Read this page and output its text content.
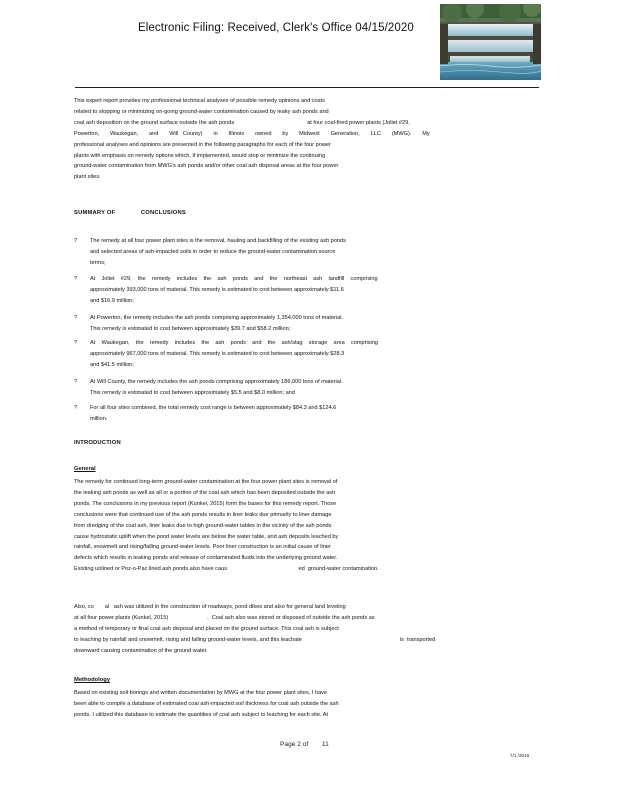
Electronic Filing: Received, Clerk's Office 04/15/2020

This expert report provides my professional technical analyses of possible remedy opinions and costs

related to stopping or minimizing on-going ground-water contamination caused by leaky ash ponds and

coal ash deposition on the ground surface outside the ash ponds                                               at four coal-fired power plants (Joliet #29,

Powerton,       Waukegan,       and       Will   County)       in       Illinois       owned       by       Midwest       Generation,       LLC       (MWG).       My

professional analyses and opinions are presented in the following paragraphs for each of the four power

plants with emphasis on remedy options which, if implemented, would stop or minimize the continuing

ground-water contamination from MWG's ash ponds and/or other coal ash disposal areas at the four power

plant sites.

SUMMARY OF	CONCLUSIONS
? The remedy at all four power plant sites is the removal, hauling and backfilling of the existing ash ponds

and selected areas of ash-impacted soils in order to reduce the ground-water contamination source

terms;

? At    Joliet    #29,    the    remedy    includes    the    ash    ponds    and    the    northeast    ash    landfill    comprising

approximately 393,000 tons of material. This remedy is estimated to cost between approximately $11.6

and $16.9 million;

? At Powerton, the remedy includes the ash ponds comprising approximately 1,354,000 tons of material.

This remedy is estimated to cost between approximately $39.7 and $58.2 million;

? At    Waukegan,    the    remedy    includes    the    ash    ponds    and    the    ash/slag    storage    area    comprising

approximately 967,000 tons of material. This remedy is estimated to cost between approximately $28.3

and $41.5 million;

? At Will County, the remedy includes the ash ponds comprising approximately 186,000 tons of material.

This remedy is estimated to cost between approximately $5.5 and $8.0 million; and

? For all four sites combined, the total remedy cost range is between approximately $84.3 and $124.6

million.

INTRODUCTION
General

The remedy for continued long-term ground-water contamination at the four power plant sites is removal of

the leaking ash ponds as well as all or a portion of the coal ash which has been deposited outside the ash

ponds. The conclusions in my previous report (Kunkel, 2015) form the bases for this remedy report. Those

conclusions were that continued use of the ash ponds results in liner leaks due primarily to liner damage

from dredging of the coal ash, liner leaks due to high ground-water tables in the vicinity of the ash ponds

cause hydrostatic uplift when the pond water levels are below the water table, and ash deposits leached by

rainfall, snowmelt and rising/falling ground-water levels. Poor liner construction is an initial cause of liner

defects which results in leaking ponds and release of contaminated fluids into the underlying ground water.

Existing unlined or Poz-o-Pac lined ash ponds also have caus                                              ed  ground-water contamination.

Also, co       al   ash was utilized in the construction of roadways, pond dikes and also for general land leveling

at all four power plants (Kunkel, 2015)                         .  Coal ash also was stored or disposed of outside the ash ponds as

a method of temporary or final coal ash disposal and placed on the ground surface. This coal ash is subject

to leaching by rainfall and snowmelt, rising and falling ground-water levels, and this leachate                                                               is  transported

downward causing contamination of the ground water.

Methodology

Based on existing soil borings and written documentation by MWG at the four power plant sites, I have

been able to compile a database of estimated coal ash-impacted soil thickness for coal ash outside the ash

ponds. I utilized this database to estimate the quantities of coal ash subject to leaching for each site. At

Page 2 of 11
7/1 /2016
